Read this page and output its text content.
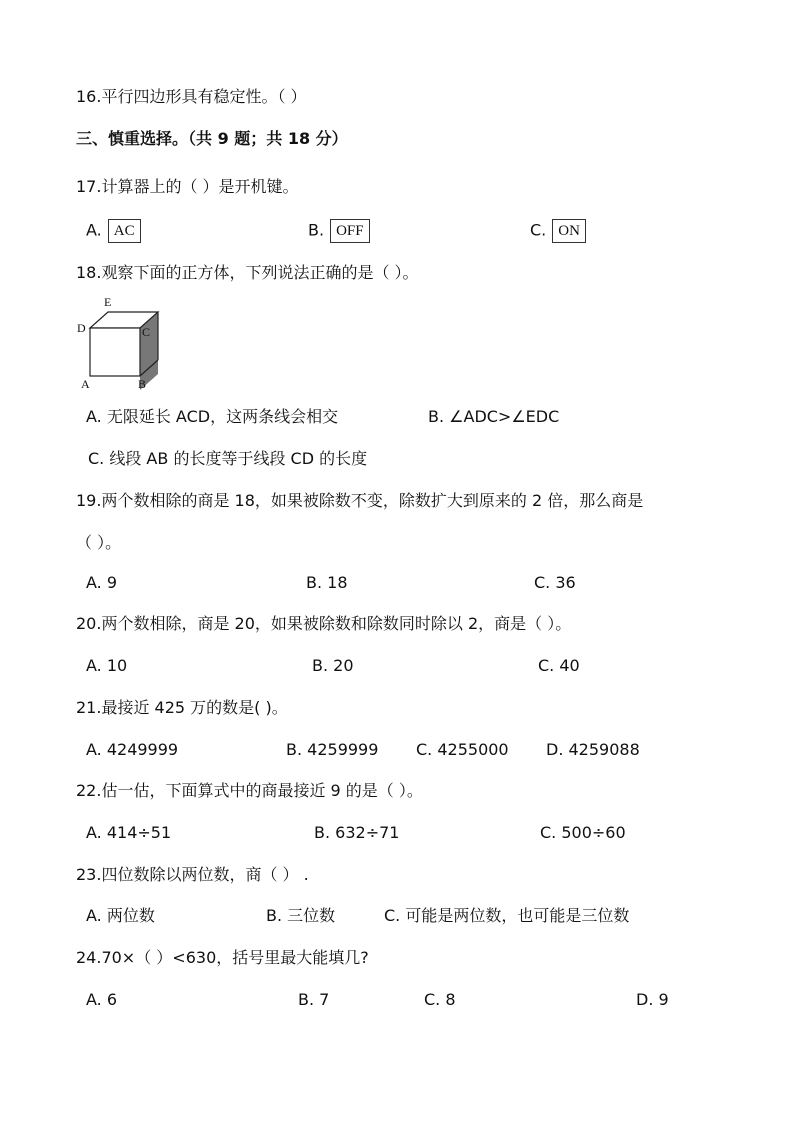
16.平行四边形具有稳定性。（ ）
三、慎重选择。（共 9 题；共 18 分）
17.计算器上的（ ）是开机键。
A. AC	B. OFF	C. ON
18.观察下面的正方体，下列说法正确的是（ ）。
E
D	C
A	B
A. 无限延长 ACD，这两条线会相交	B. ∠ADC>∠EDC
C. 线段 AB 的长度等于线段 CD 的长度
19.两个数相除的商是 18，如果被除数不变，除数扩大到原来的 2 倍，那么商是
（ ）。
A. 9	B. 18	C. 36
20.两个数相除，商是 20，如果被除数和除数同时除以 2，商是（ ）。
A. 10	B. 20	C. 40
21.最接近 425 万的数是( )。
A. 4249999	B. 4259999 C. 4255000 D. 4259088
22.估一估，下面算式中的商最接近 9 的是（ ）。
A. 414÷51	B. 632÷71	C. 500÷60
23.四位数除以两位数，商（ ） .
A. 两位数	B. 三位数	C. 可能是两位数，也可能是三位数
24.70×（ ）<630，括号里最大能填几?
A. 6	B. 7	C. 8	D. 9
